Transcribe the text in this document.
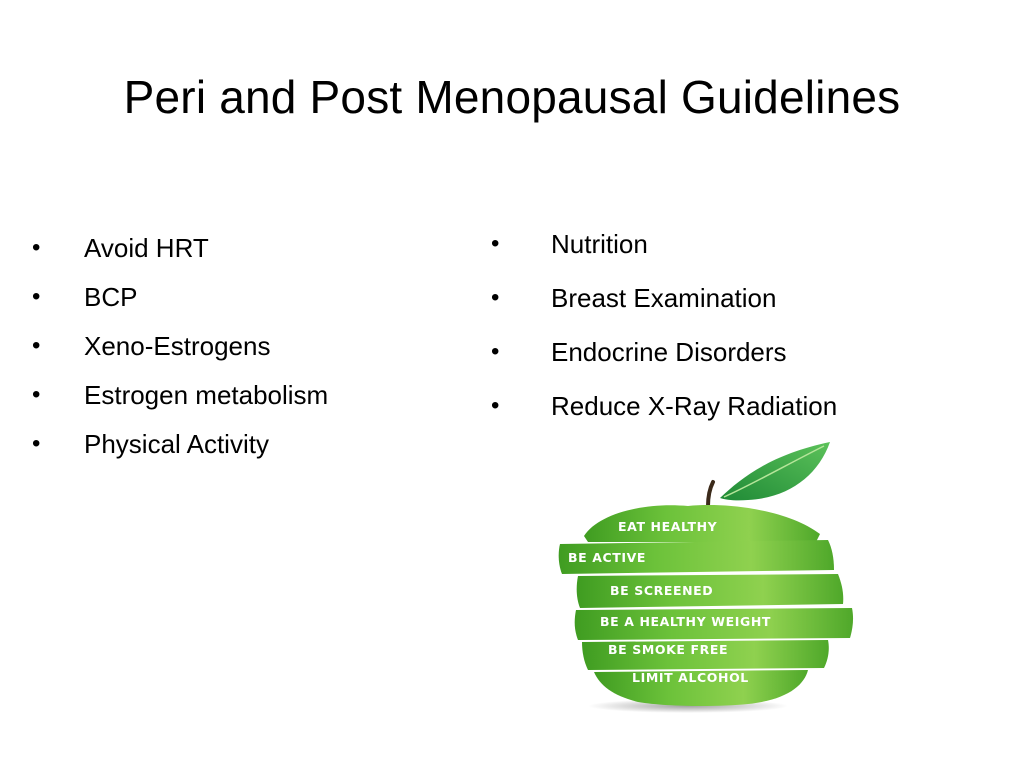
Peri and Post Menopausal Guidelines
• Avoid HRT
• BCP
• Xeno-Estrogens
• Estrogen metabolism
• Physical Activity
• Nutrition
• Breast Examination
• Endocrine Disorders
• Reduce X-Ray Radiation
EAT HEALTHY
BE ACTIVE
BE SCREENED
BE A HEALTHY WEIGHT
BE SMOKE FREE
LIMIT ALCOHOL
